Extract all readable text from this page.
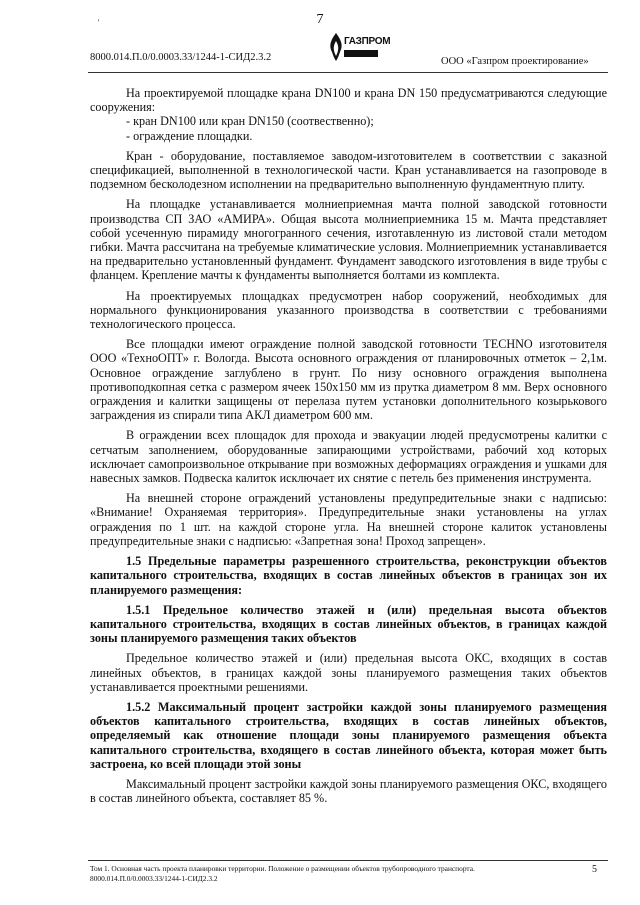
'	7
8000.014.П.0/0.0003.33/1244-1-СИД2.3.2
ГАЗПРОМ
ООО «Газпром проектирование»

На проектируемой площадке крана DN100 и крана DN 150 предусматриваются следующие сооружения:

- кран DN100 или кран DN150 (соотвественно);
- ограждение площадки.

Кран - оборудование, поставляемое заводом-изготовителем в соответствии с заказной спецификацией, выполненной в технологической части. Кран устанавливается на газопроводе в подземном бесколодезном исполнении на предварительно выполненную фундаментную плиту.

На площадке устанавливается молниеприемная мачта полной заводской готовности производства СП ЗАО «АМИРА». Общая высота молниеприемника 15 м. Мачта представляет собой усеченную пирамиду многогранного сечения, изготавленную из листовой стали методом гибки. Мачта рассчитана на требуемые климатические условия. Молниеприемник устанавливается на предварительно установленный фундамент. Фундамент заводского изготовления в виде трубы с фланцем. Крепление мачты к фундаменты выполняется болтами из комплекта.

На проектируемых площадках предусмотрен набор сооружений, необходимых для нормального функционирования указанного производства в соответствии с требованиями технологического процесса.

Все площадки имеют ограждение полной заводской готовности TECHNO изготовителя ООО «ТехноОПТ» г. Вологда. Высота основного ограждения от планировочных отметок – 2,1м. Основное ограждение заглублено в грунт. По низу основного ограждения выполнена противоподкопная сетка с размером ячеек 150х150 мм из прутка диаметром 8 мм. Верх основного ограждения и калитки защищены от перелаза путем установки дополнительного козырькового заграждения из спирали типа АКЛ диаметром 600 мм.

В ограждении всех площадок для прохода и эвакуации людей предусмотрены калитки с сетчатым заполнением, оборудованные запирающими устройствами, рабочий ход которых исключает самопроизвольное открывание при возможных деформациях ограждения и ушками для навесных замков. Подвеска калиток исключает их снятие с петель без применения инструмента.

На внешней стороне ограждений установлены предупредительные знаки с надписью: «Внимание! Охраняемая территория». Предупредительные знаки установлены на углах ограждения по 1 шт. на каждой стороне угла. На внешней стороне калиток установлены предупредительные знаки с надписью: «Запретная зона! Проход запрещен».

1.5 Предельные параметры разрешенного строительства, реконструкции объектов капитального строительства, входящих в состав линейных объектов в границах зон их планируемого размещения:

1.5.1 Предельное количество этажей и (или) предельная высота объектов капитального строительства, входящих в состав линейных объектов, в границах каждой зоны планируемого размещения таких объектов

Предельное количество этажей и (или) предельная высота ОКС, входящих в состав линейных объектов, в границах каждой зоны планируемого размещения таких объектов устанавливается проектными решениями.

1.5.2 Максимальный процент застройки каждой зоны планируемого размещения объектов капитального строительства, входящих в состав линейных объектов, определяемый как отношение площади зоны планируемого размещения объекта капитального строительства, входящего в состав линейного объекта, которая может быть застроена, ко всей площади этой зоны

Максимальный процент застройки каждой зоны планируемого размещения ОКС, входящего в состав линейного объекта, составляет 85 %.

Том 1. Основная часть проекта планировки территории. Положение о размещении объектов трубопроводного транспорта.
8000.014.П.0/0.0003.33/1244-1-СИД2.3.2
5
